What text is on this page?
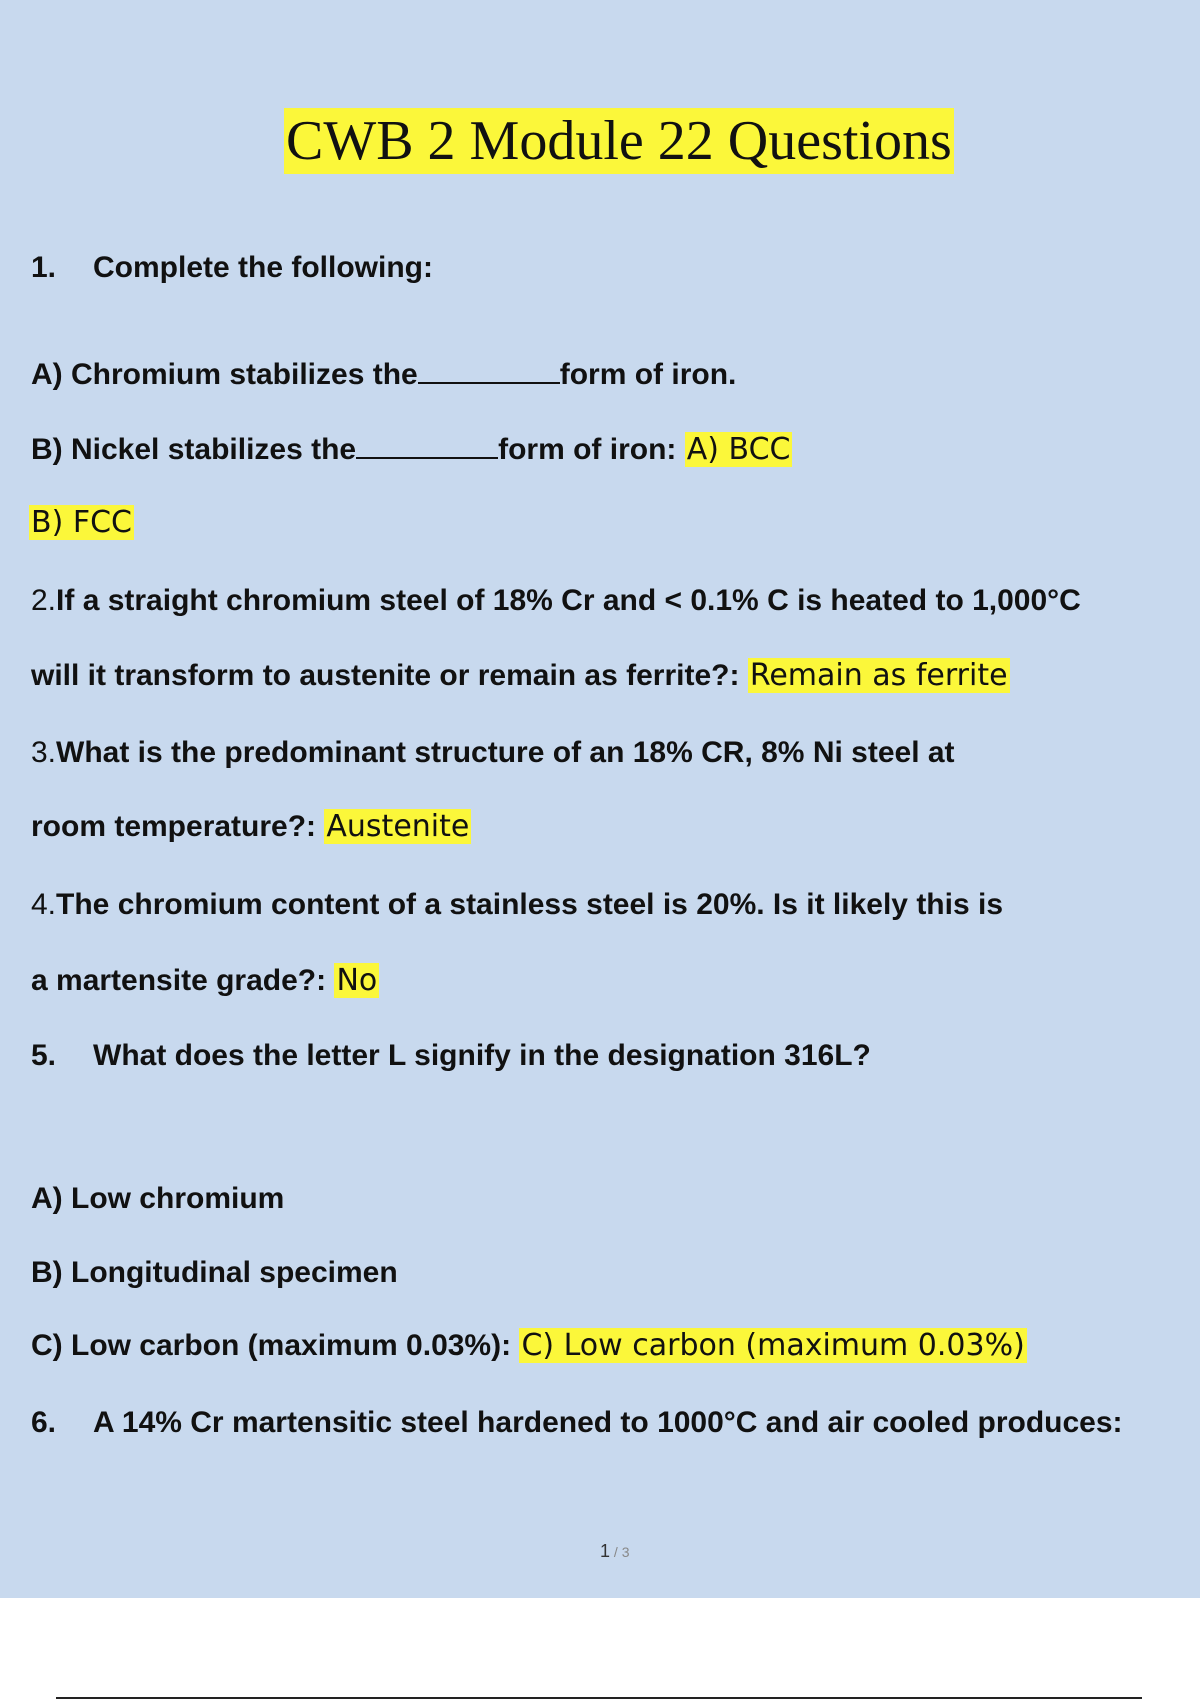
CWB 2 Module 22 Questions
1. Complete the following:
A) Chromium stabilizes the	form of iron.
B) Nickel stabilizes the	form of iron: A) BCC
B) FCC
2.If a straight chromium steel of 18% Cr and < 0.1% C is heated to 1,000°C
will it transform to austenite or remain as ferrite?: Remain as ferrite
3.What is the predominant structure of an 18% CR, 8% Ni steel at
room temperature?: Austenite
4.The chromium content of a stainless steel is 20%. Is it likely this is
a martensite grade?: No
5. What does the letter L signify in the designation 316L?
A) Low chromium
B) Longitudinal specimen
C) Low carbon (maximum 0.03%): C) Low carbon (maximum 0.03%)
6. A 14% Cr martensitic steel hardened to 1000°C and air cooled produces:
1 / 3
